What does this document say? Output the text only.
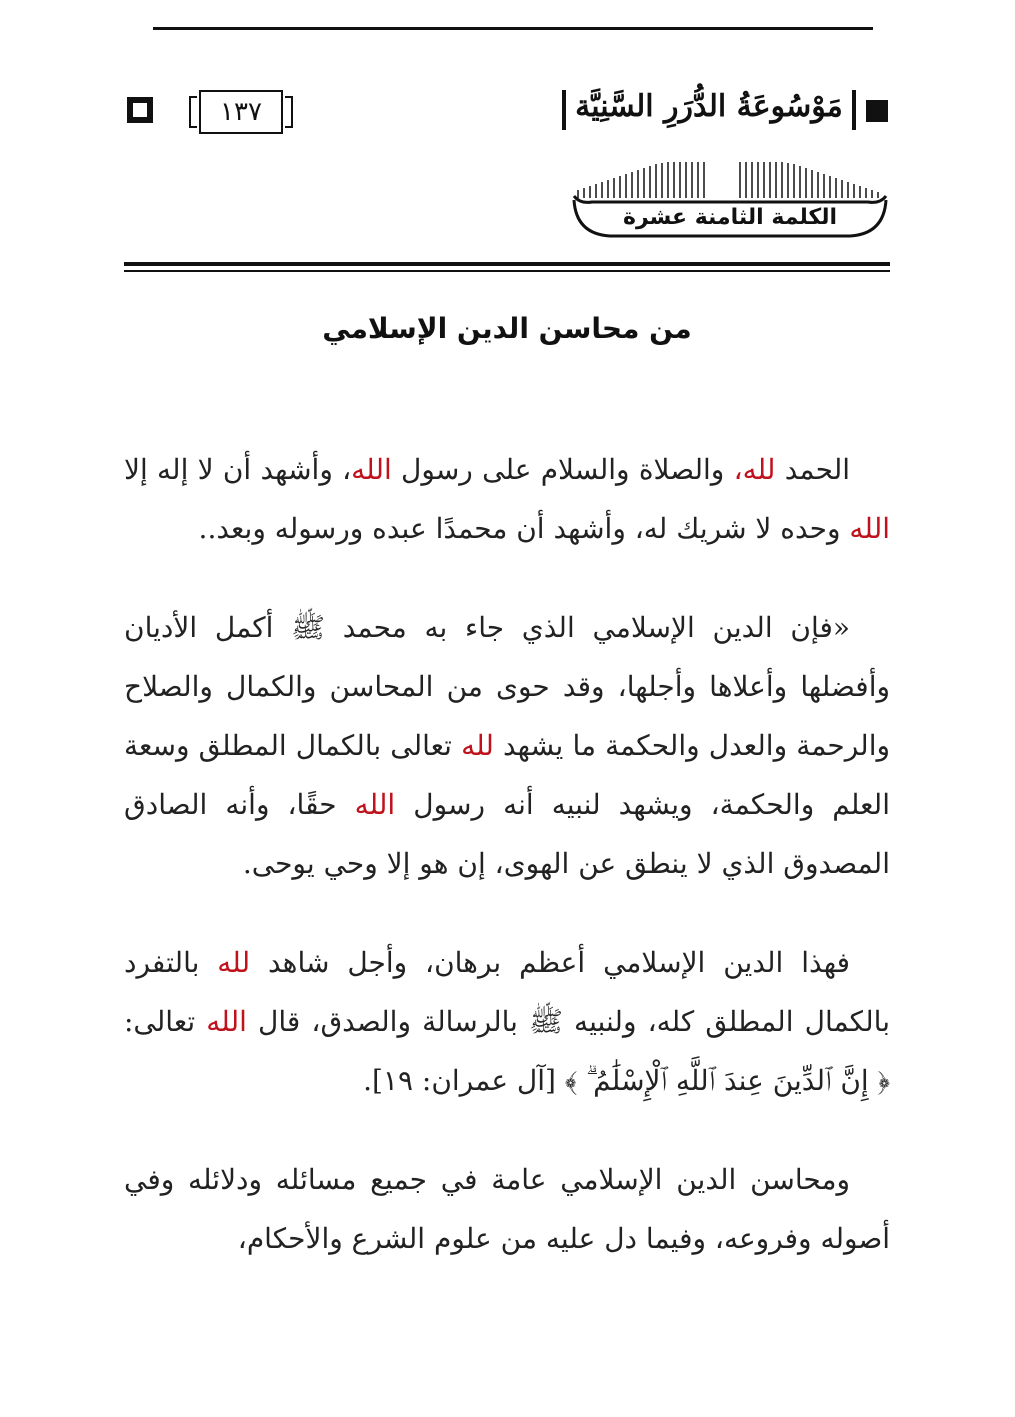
١٣٧	مَوْسُوعَةُ الدُّرَرِ السَّنِيَّة
الكلمة الثامنة عشرة
من محاسن الدين الإسلامي

الحمد لله، والصلاة والسلام على رسول الله، وأشهد أن لا إله إلا الله وحده لا شريك له، وأشهد أن محمدًا عبده ورسوله وبعد..

«فإن الدين الإسلامي الذي جاء به محمد ﷺ أكمل الأديان وأفضلها وأعلاها وأجلها، وقد حوى من المحاسن والكمال والصلاح والرحمة والعدل والحكمة ما يشهد لله تعالى بالكمال المطلق وسعة العلم والحكمة، ويشهد لنبيه أنه رسول الله حقًا، وأنه الصادق المصدوق الذي لا ينطق عن الهوى، إن هو إلا وحي يوحى.

فهذا الدين الإسلامي أعظم برهان، وأجل شاهد لله بالتفرد بالكمال المطلق كله، ولنبيه ﷺ بالرسالة والصدق، قال الله تعالى: ﴿ إِنَّ ٱلدِّينَ عِندَ ٱللَّهِ ٱلْإِسْلَٰمُ ۗ ﴾ [آل عمران: ١٩].

ومحاسن الدين الإسلامي عامة في جميع مسائله ودلائله وفي أصوله وفروعه، وفيما دل عليه من علوم الشرع والأحكام،
